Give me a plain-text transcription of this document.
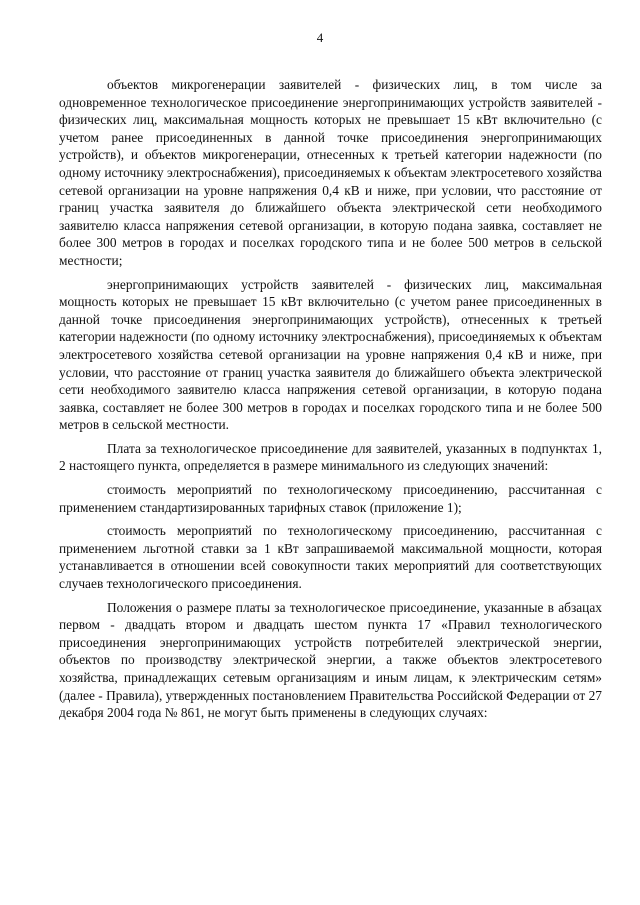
4

объектов микрогенерации заявителей - физических лиц, в том числе за одновременное технологическое присоединение энергопринимающих устройств заявителей - физических лиц, максимальная мощность которых не превышает 15 кВт включительно (с учетом ранее присоединенных в данной точке присоединения энергопринимающих устройств), и объектов микрогенерации, отнесенных к третьей категории надежности (по одному источнику электроснабжения), присоединяемых к объектам электросетевого хозяйства сетевой организации на уровне напряжения 0,4 кВ и ниже, при условии, что расстояние от границ участка заявителя до ближайшего объекта электрической сети необходимого заявителю класса напряжения сетевой организации, в которую подана заявка, составляет не более 300 метров в городах и поселках городского типа и не более 500 метров в сельской местности;

энергопринимающих устройств заявителей - физических лиц, максимальная мощность которых не превышает 15 кВт включительно (с учетом ранее присоединенных в данной точке присоединения энергопринимающих устройств), отнесенных к третьей категории надежности (по одному источнику электроснабжения), присоединяемых к объектам электросетевого хозяйства сетевой организации на уровне напряжения 0,4 кВ и ниже, при условии, что расстояние от границ участка заявителя до ближайшего объекта электрической сети необходимого заявителю класса напряжения сетевой организации, в которую подана заявка, составляет не более 300 метров в городах и поселках городского типа и не более 500 метров в сельской местности.

Плата за технологическое присоединение для заявителей, указанных в подпунктах 1, 2 настоящего пункта, определяется в размере минимального из следующих значений:

стоимость мероприятий по технологическому присоединению, рассчитанная с применением стандартизированных тарифных ставок (приложение 1);

стоимость мероприятий по технологическому присоединению, рассчитанная с применением льготной ставки за 1 кВт запрашиваемой максимальной мощности, которая устанавливается в отношении всей совокупности таких мероприятий для соответствующих случаев технологического присоединения.

Положения о размере платы за технологическое присоединение, указанные в абзацах первом - двадцать втором и двадцать шестом пункта 17 «Правил технологического присоединения энергопринимающих устройств потребителей электрической энергии, объектов по производству электрической энергии, а также объектов электросетевого хозяйства, принадлежащих сетевым организациям и иным лицам, к электрическим сетям» (далее - Правила), утвержденных постановлением Правительства Российской Федерации от 27 декабря 2004 года № 861, не могут быть применены в следующих случаях:
